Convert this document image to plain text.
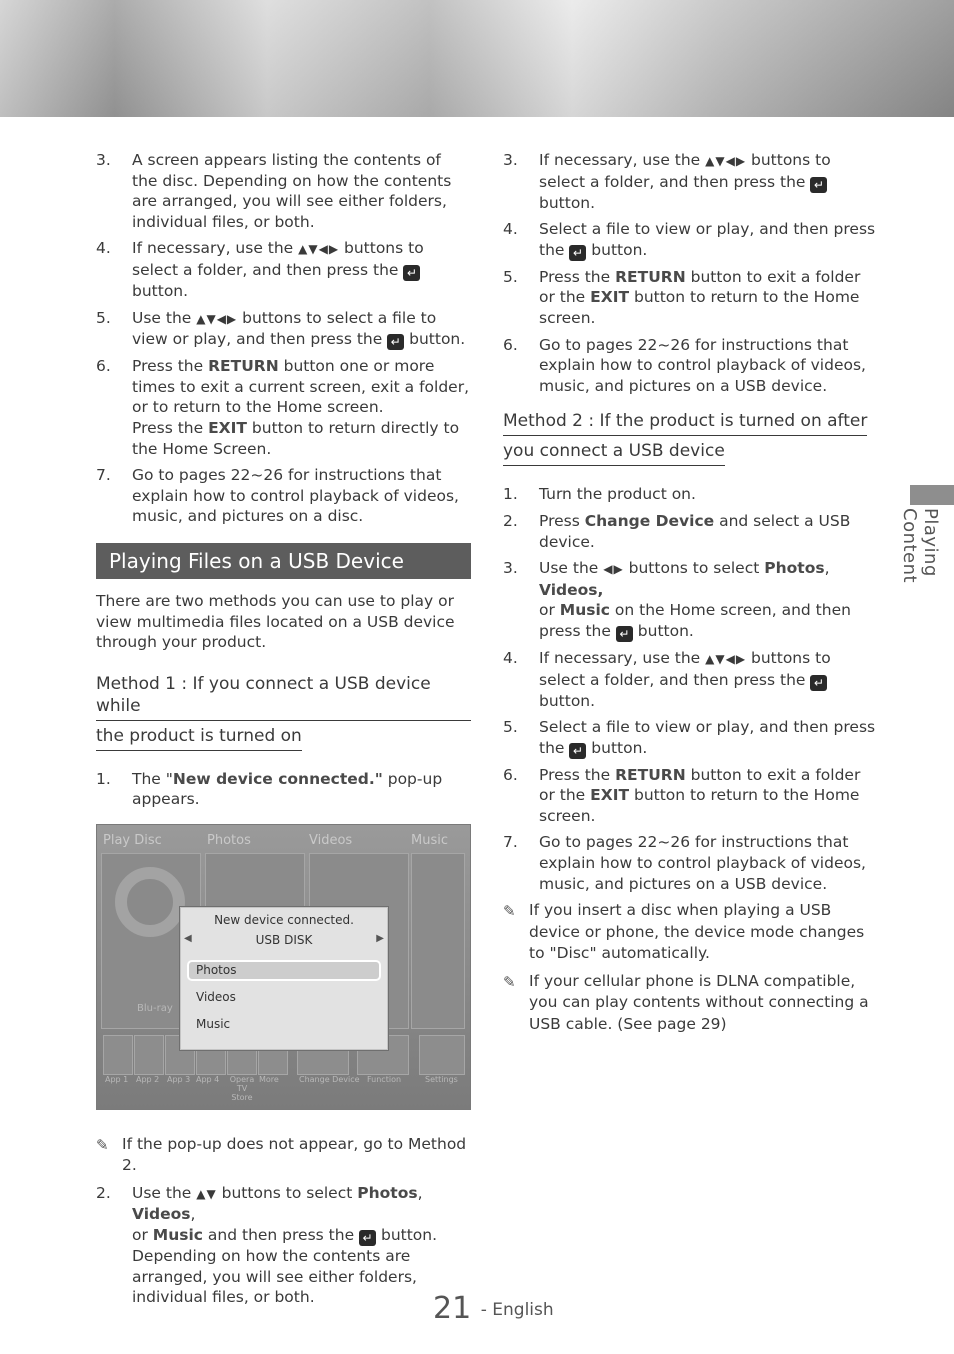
Playing Content
3. A screen appears listing the contents of the disc. Depending on how the contents are arranged, you will see either folders, individual files, or both.
4. If necessary, use the ▲▼◀▶ buttons to select a folder, and then press the ↵ button.
5. Use the ▲▼◀▶ buttons to select a file to view or play, and then press the ↵ button.
6. Press the RETURN button one or more times to exit a current screen, exit a folder, or to return to the Home screen.
Press the EXIT button to return directly to the Home Screen.
7. Go to pages 22~26 for instructions that explain how to control playback of videos, music, and pictures on a disc.
Playing Files on a USB Device
There are two methods you can use to play or view multimedia files located on a USB device through your product.
Method 1 : If you connect a USB device while
the product is turned on
1. The "New device connected." pop-up appears.
Play Disc	Photos	Videos	Music
Blu-ray
App 1 App 2 App 3 App 4	Opera TV Store
More	Change Device Function	Settings
New device connected.
USB DISK
◀	▶
Photos
Videos
Music
✎ If the pop-up does not appear, go to Method 2.
2. Use the ▲▼ buttons to select Photos, Videos,
or Music and then press the ↵ button.
Depending on how the contents are arranged, you will see either folders, individual files, or both.
3. If necessary, use the ▲▼◀▶ buttons to select a folder, and then press the ↵ button.
4. Select a file to view or play, and then press the ↵ button.
5. Press the RETURN button to exit a folder or the EXIT button to return to the Home screen.
6. Go to pages 22~26 for instructions that explain how to control playback of videos, music, and pictures on a USB device.
Method 2 : If the product is turned on after
you connect a USB device
1. Turn the product on.
2. Press Change Device and select a USB device.
3. Use the ◀▶ buttons to select Photos, Videos,
or Music on the Home screen, and then press the ↵ button.
4. If necessary, use the ▲▼◀▶ buttons to select a folder, and then press the ↵ button.
5. Select a file to view or play, and then press the ↵ button.
6. Press the RETURN button to exit a folder or the EXIT button to return to the Home screen.
7. Go to pages 22~26 for instructions that explain how to control playback of videos, music, and pictures on a USB device.
✎ If you insert a disc when playing a USB device or phone, the device mode changes to "Disc" automatically.
✎ If your cellular phone is DLNA compatible, you can play contents without connecting a USB cable. (See page 29)
21 - English
